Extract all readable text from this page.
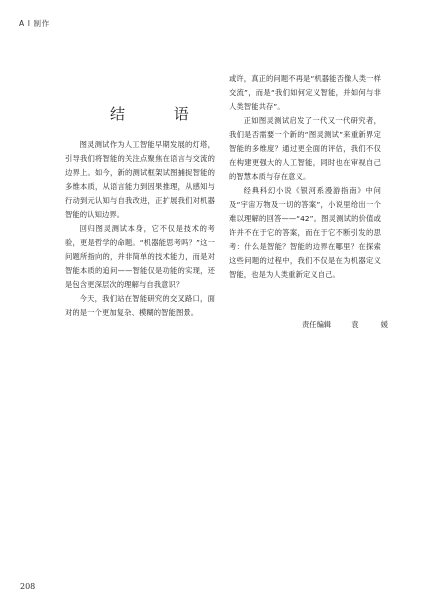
A I 制作
结 语

图灵测试作为人工智能早期发展的灯塔，引导我们将智能的关注点聚焦在语言与交流的边界上。如今，新的测试框架试图捕捉智能的多维本质，从语言能力到因果推理，从感知与行动到元认知与自我改进，正扩展我们对机器智能的认知边界。

回归图灵测试本身，它不仅是技术的考验，更是哲学的命题。“机器能思考吗？”这一问题所指向的，并非简单的技术能力，而是对智能本质的追问——智能仅是功能的实现，还是包含更深层次的理解与自我意识？

今天，我们站在智能研究的交叉路口，面对的是一个更加复杂、模糊的智能图景。

或许，真正的问题不再是“机器能否像人类一样交流”，而是“我们如何定义智能，并如何与非人类智能共存”。

正如图灵测试启发了一代又一代研究者，我们是否需要一个新的“图灵测试”来重新界定智能的多维度？通过更全面的评估，我们不仅在构建更强大的人工智能，同时也在审视自己的智慧本质与存在意义。

经典科幻小说《银河系漫游指南》中问及“宇宙万物及一切的答案”，小说里给出一个难以理解的回答——“42”。图灵测试的价值或许并不在于它的答案，而在于它不断引发的思考：什么是智能？智能的边界在哪里？在探索这些问题的过程中，我们不仅是在为机器定义智能，也是为人类重新定义自己。

责任编辑	袁 媛
208
